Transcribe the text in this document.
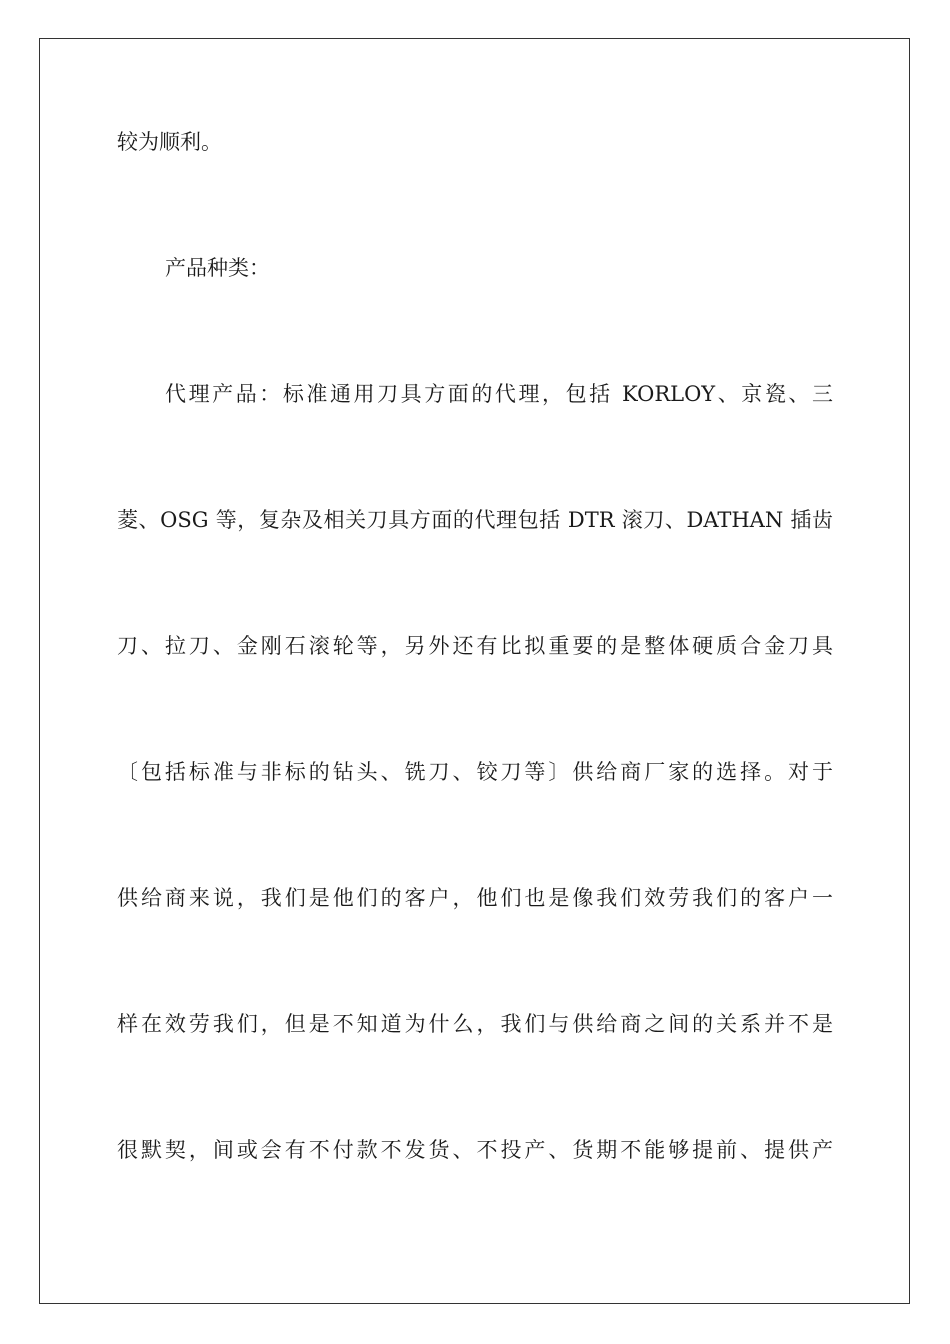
较为顺利。

产品种类：

代理产品：标准通用刀具方面的代理，包括 KORLOY、京瓷、三
菱、OSG 等，复杂及相关刀具方面的代理包括 DTR 滚刀、DATHAN 插齿
刀、拉刀、金刚石滚轮等，另外还有比拟重要的是整体硬质合金刀具
〔包括标准与非标的钻头、铣刀、铰刀等〕供给商厂家的选择。对于
供给商来说，我们是他们的客户，他们也是像我们效劳我们的客户一
样在效劳我们，但是不知道为什么，我们与供给商之间的关系并不是
很默契，间或会有不付款不发货、不投产、货期不能够提前、提供产
